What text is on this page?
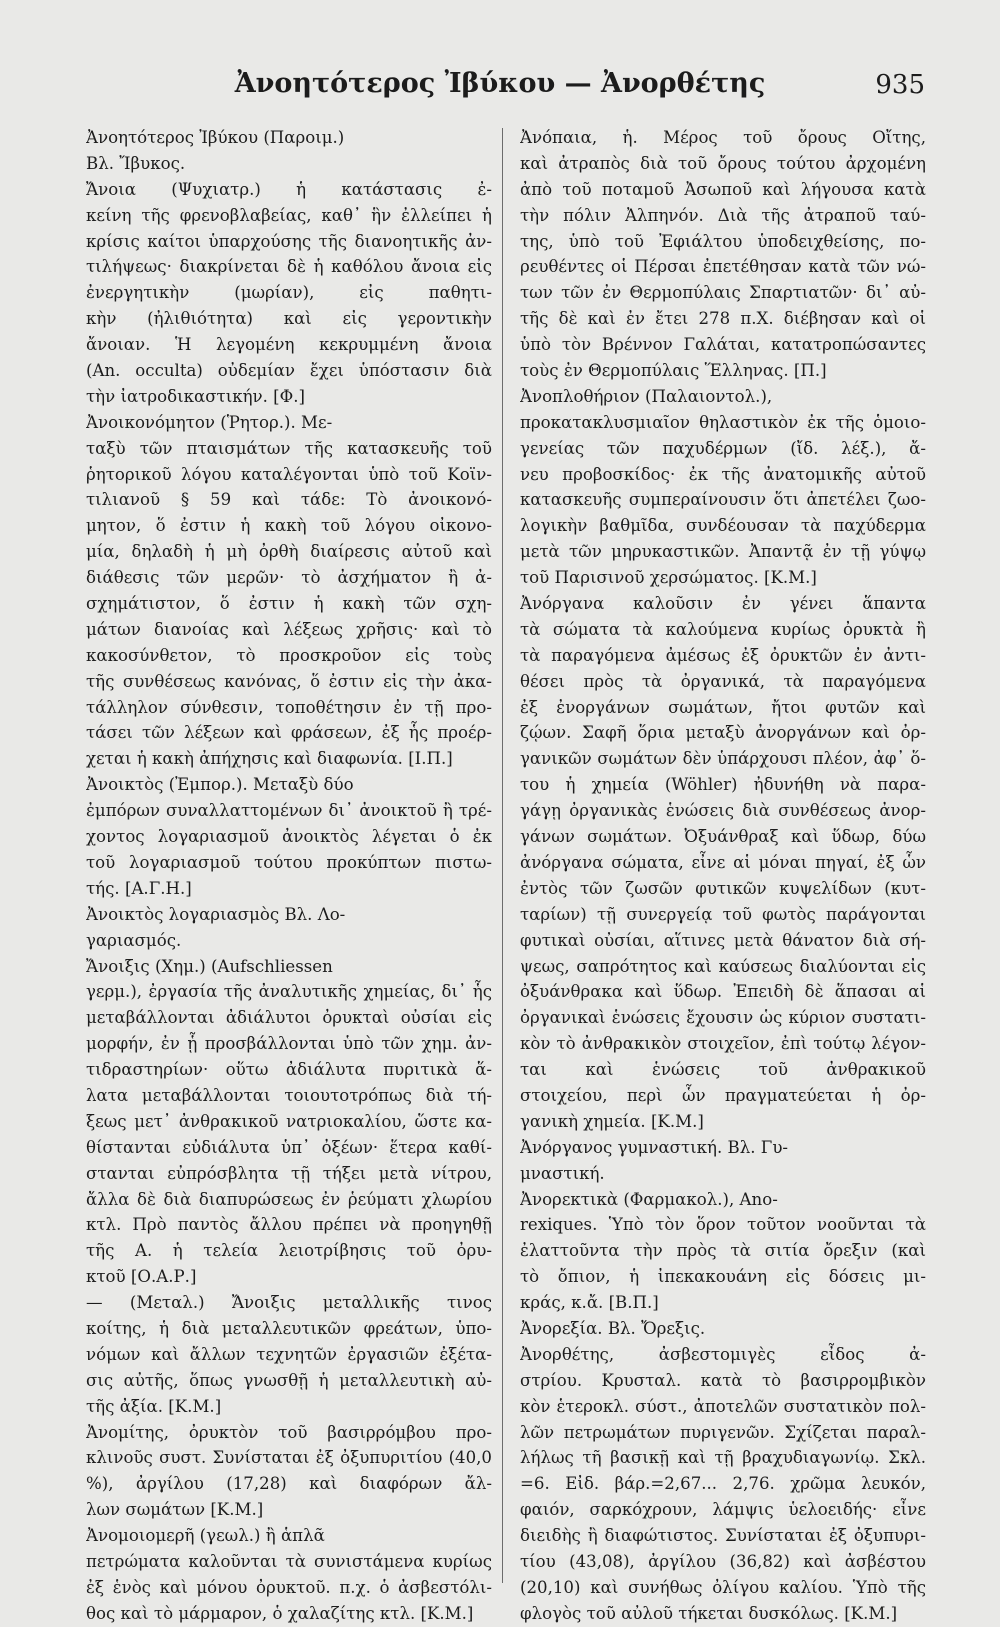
Ἀνοητότερος Ἰβύκου — Ἀνορθέτης	935
Ἀνοητότερος Ἰβύκου (Παροιμ.)
Βλ. Ἴβυκος.
Ἄνοια (Ψυχιατρ.) ἡ κατάστασις ἐ-
κείνη τῆς φρενοβλαβείας, καθ᾿ ἣν ἐλλείπει ἡ
κρίσις καίτοι ὑπαρχούσης τῆς διανοητικῆς ἀν-
τιλήψεως· διακρίνεται δὲ ἡ καθόλου ἄνοια εἰς
ἐνεργητικὴν (μωρίαν), εἰς παθητι-
κὴν (ἠλιθιότητα) καὶ εἰς γεροντικὴν
ἄνοιαν. Ἡ λεγομένη κεκρυμμένη ἄνοια
(An. occulta) οὐδεμίαν ἔχει ὑπόστασιν διὰ
τὴν ἰατροδικαστικήν. [Φ.]
Ἀνοικονόμητον (Ῥητορ.). Με-
ταξὺ τῶν πταισμάτων τῆς κατασκευῆς τοῦ
ῥητορικοῦ λόγου καταλέγονται ὑπὸ τοῦ Κοϊν-
τιλιανοῦ § 59 καὶ τάδε: Τὸ ἀνοικονό-
μητον, ὅ ἐστιν ἡ κακὴ τοῦ λόγου οἰκονο-
μία, δηλαδὴ ἡ μὴ ὀρθὴ διαίρεσις αὐτοῦ καὶ
διάθεσις τῶν μερῶν· τὸ ἀσχήματον ἢ ἀ-
σχημάτιστον, ὅ ἐστιν ἡ κακὴ τῶν σχη-
μάτων διανοίας καὶ λέξεως χρῆσις· καὶ τὸ
κακοσύνθετον, τὸ προσκροῦον εἰς τοὺς
τῆς συνθέσεως κανόνας, ὅ ἐστιν εἰς τὴν ἀκα-
τάλληλον σύνθεσιν, τοποθέτησιν ἐν τῇ προ-
τάσει τῶν λέξεων καὶ φράσεων, ἐξ ἧς προέρ-
χεται ἡ κακὴ ἀπήχησις καὶ διαφωνία. [Ι.Π.]
Ἀνοικτὸς (Ἐμπορ.). Μεταξὺ δύο
ἐμπόρων συναλλαττομένων δι᾿ ἀνοικτοῦ ἢ τρέ-
χοντος λογαριασμοῦ ἀνοικτὸς λέγεται ὁ ἐκ
τοῦ λογαριασμοῦ τούτου προκύπτων πιστω-
τής. [Α.Γ.Η.]
Ἀνοικτὸς λογαριασμὸς Βλ. Λο-
γαριασμός.
Ἄνοιξις (Χημ.) (Aufschliessen
γερμ.), ἐργασία τῆς ἀναλυτικῆς χημείας, δι᾿ ἧς
μεταβάλλονται ἀδιάλυτοι ὀρυκταὶ οὐσίαι εἰς
μορφήν, ἐν ᾗ προσβάλλονται ὑπὸ τῶν χημ. ἀν-
τιδραστηρίων· οὕτω ἀδιάλυτα πυριτικὰ ἅ-
λατα μεταβάλλονται τοιουτοτρόπως διὰ τή-
ξεως μετ᾿ ἀνθρακικοῦ νατριοκαλίου, ὥστε κα-
θίστανται εὐδιάλυτα ὑπ᾿ ὀξέων· ἕτερα καθί-
στανται εὐπρόσβλητα τῇ τήξει μετὰ νίτρου,
ἄλλα δὲ διὰ διαπυρώσεως ἐν ῥεύματι χλωρίου
κτλ. Πρὸ παντὸς ἄλλου πρέπει νὰ προηγηθῇ
τῆς Α. ἡ τελεία λειοτρίβησις τοῦ ὀρυ-
κτοῦ [Ο.Α.Ρ.]
— (Μεταλ.) Ἄνοιξις μεταλλικῆς τινος
κοίτης, ἡ διὰ μεταλλευτικῶν φρεάτων, ὑπο-
νόμων καὶ ἄλλων τεχνητῶν ἐργασιῶν ἐξέτα-
σις αὐτῆς, ὅπως γνωσθῇ ἡ μεταλλευτικὴ αὐ-
τῆς ἀξία. [Κ.Μ.]
Ἀνομίτης, ὀρυκτὸν τοῦ βασιρρόμβου προ-
κλινοῦς συστ. Συνίσταται ἐξ ὀξυπυριτίου (40,0
%), ἀργίλου (17,28) καὶ διαφόρων ἄλ-
λων σωμάτων [Κ.Μ.]
Ἀνομοιομερῆ (γεωλ.) ἢ ἁπλᾶ
πετρώματα καλοῦνται τὰ συνιστάμενα κυρίως
ἐξ ἑνὸς καὶ μόνου ὀρυκτοῦ. π.χ. ὁ ἀσβεστόλι-
θος καὶ τὸ μάρμαρον, ὁ χαλαζίτης κτλ. [Κ.Μ.]
Ἀνόπαια, ἡ. Μέρος τοῦ ὄρους Οἴτης,
καὶ ἀτραπὸς διὰ τοῦ ὄρους τούτου ἀρχομένη
ἀπὸ τοῦ ποταμοῦ Ἀσωποῦ καὶ λήγουσα κατὰ
τὴν πόλιν Ἀλπηνόν. Διὰ τῆς ἀτραποῦ ταύ-
της, ὑπὸ τοῦ Ἐφιάλτου ὑποδειχθείσης, πο-
ρευθέντες οἱ Πέρσαι ἐπετέθησαν κατὰ τῶν νώ-
των τῶν ἐν Θερμοπύλαις Σπαρτιατῶν· δι᾿ αὐ-
τῆς δὲ καὶ ἐν ἔτει 278 π.Χ. διέβησαν καὶ οἱ
ὑπὸ τὸν Βρέννον Γαλάται, κατατροπώσαντες
τοὺς ἐν Θερμοπύλαις Ἕλληνας. [Π.]
Ἀνοπλοθήριον (Παλαιοντολ.),
προκατακλυσμιαῖον θηλαστικὸν ἐκ τῆς ὁμοιο-
γενείας τῶν παχυδέρμων (ἴδ. λέξ.), ἄ-
νευ προβοσκίδος· ἐκ τῆς ἀνατομικῆς αὐτοῦ
κατασκευῆς συμπεραίνουσιν ὅτι ἀπετέλει ζωο-
λογικὴν βαθμῖδα, συνδέουσαν τὰ παχύδερμα
μετὰ τῶν μηρυκαστικῶν. Ἀπαντᾷ ἐν τῇ γύψῳ
τοῦ Παρισινοῦ χερσώματος. [Κ.Μ.]
Ἀνόργανα καλοῦσιν ἐν γένει ἅπαντα
τὰ σώματα τὰ καλούμενα κυρίως ὀρυκτὰ ἢ
τὰ παραγόμενα ἀμέσως ἐξ ὀρυκτῶν ἐν ἀντι-
θέσει πρὸς τὰ ὀργανικά, τὰ παραγόμενα
ἐξ ἐνοργάνων σωμάτων, ἤτοι φυτῶν καὶ
ζῴων. Σαφῆ ὅρια μεταξὺ ἀνοργάνων καὶ ὀρ-
γανικῶν σωμάτων δὲν ὑπάρχουσι πλέον, ἀφ᾿ ὅ-
του ἡ χημεία (Wöhler) ἠδυνήθη νὰ παρα-
γάγῃ ὀργανικὰς ἑνώσεις διὰ συνθέσεως ἀνορ-
γάνων σωμάτων. Ὀξυάνθραξ καὶ ὕδωρ, δύω
ἀνόργανα σώματα, εἶνε αἱ μόναι πηγαί, ἐξ ὧν
ἐντὸς τῶν ζωσῶν φυτικῶν κυψελίδων (κυτ-
ταρίων) τῇ συνεργείᾳ τοῦ φωτὸς παράγονται
φυτικαὶ οὐσίαι, αἵτινες μετὰ θάνατον διὰ σή-
ψεως, σαπρότητος καὶ καύσεως διαλύονται εἰς
ὀξυάνθρακα καὶ ὕδωρ. Ἐπειδὴ δὲ ἅπασαι αἱ
ὀργανικαὶ ἑνώσεις ἔχουσιν ὡς κύριον συστατι-
κὸν τὸ ἀνθρακικὸν στοιχεῖον, ἐπὶ τούτῳ λέγον-
ται καὶ ἑνώσεις τοῦ ἀνθρακικοῦ
στοιχείου, περὶ ὧν πραγματεύεται ἡ ὀρ-
γανικὴ χημεία. [Κ.Μ.]
Ἀνόργανος γυμναστική. Βλ. Γυ-
μναστική.
Ἀνορεκτικὰ (Φαρμακολ.), Ano-
rexiques. Ὑπὸ τὸν ὅρον τοῦτον νοοῦνται τὰ
ἐλαττοῦντα τὴν πρὸς τὰ σιτία ὄρεξιν (καὶ
τὸ ὄπιον, ἡ ἰπεκακουάνη εἰς δόσεις μι-
κράς, κ.ἄ. [Β.Π.]
Ἀνορεξία. Βλ. Ὄρεξις.
Ἀνορθέτης, ἀσβεστομιγὲς εἶδος ἀ-
στρίου. Κρυσταλ. κατὰ τὸ βασιρρομβικὸν
κὸν ἑτεροκλ. σύστ., ἀποτελῶν συστατικὸν πολ-
λῶν πετρωμάτων πυριγενῶν. Σχίζεται παραλ-
λήλως τῆ βασικῇ καὶ τῇ βραχυδιαγωνίῳ. Σκλ.
=6. Εἰδ. βάρ.=2,67... 2,76. χρῶμα λευκόν,
φαιόν, σαρκόχρουν, λάμψις ὑελοειδής· εἶνε
διειδὴς ἢ διαφώτιστος. Συνίσταται ἐξ ὀξυπυρι-
τίου (43,08), ἀργίλου (36,82) καὶ ἀσβέστου
(20,10) καὶ συνήθως ὀλίγου καλίου. Ὑπὸ τῆς
φλογὸς τοῦ αὐλοῦ τήκεται δυσκόλως. [Κ.Μ.]
